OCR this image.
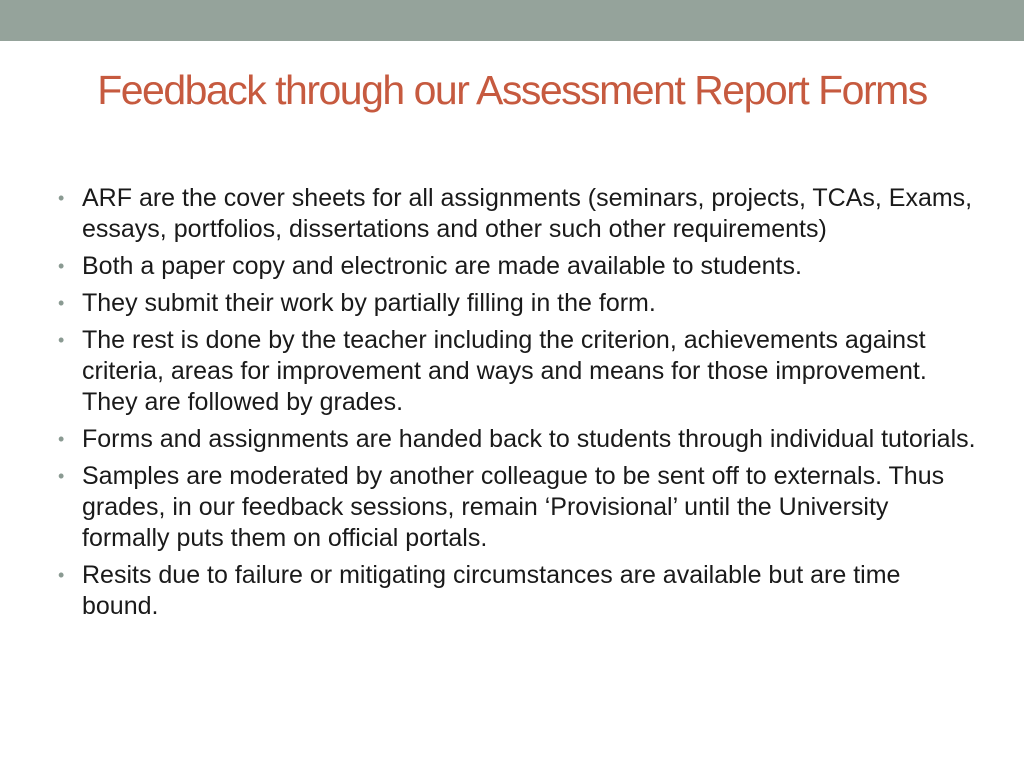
Feedback through our Assessment Report Forms
• ARF are the cover sheets for all assignments (seminars, projects, TCAs, Exams, essays, portfolios, dissertations and other such other requirements)
• Both a paper copy and electronic are made available to students.
• They submit their work by partially filling in the form.
• The rest is done by the teacher including the criterion, achievements against criteria, areas for improvement and ways and means for those improvement. They are followed by grades.
• Forms and assignments are handed back to students through individual tutorials.
• Samples are moderated by another colleague to be sent off to externals. Thus grades, in our feedback sessions, remain ‘Provisional’ until the University formally puts them on official portals.
• Resits due to failure or mitigating circumstances are available but are time bound.
